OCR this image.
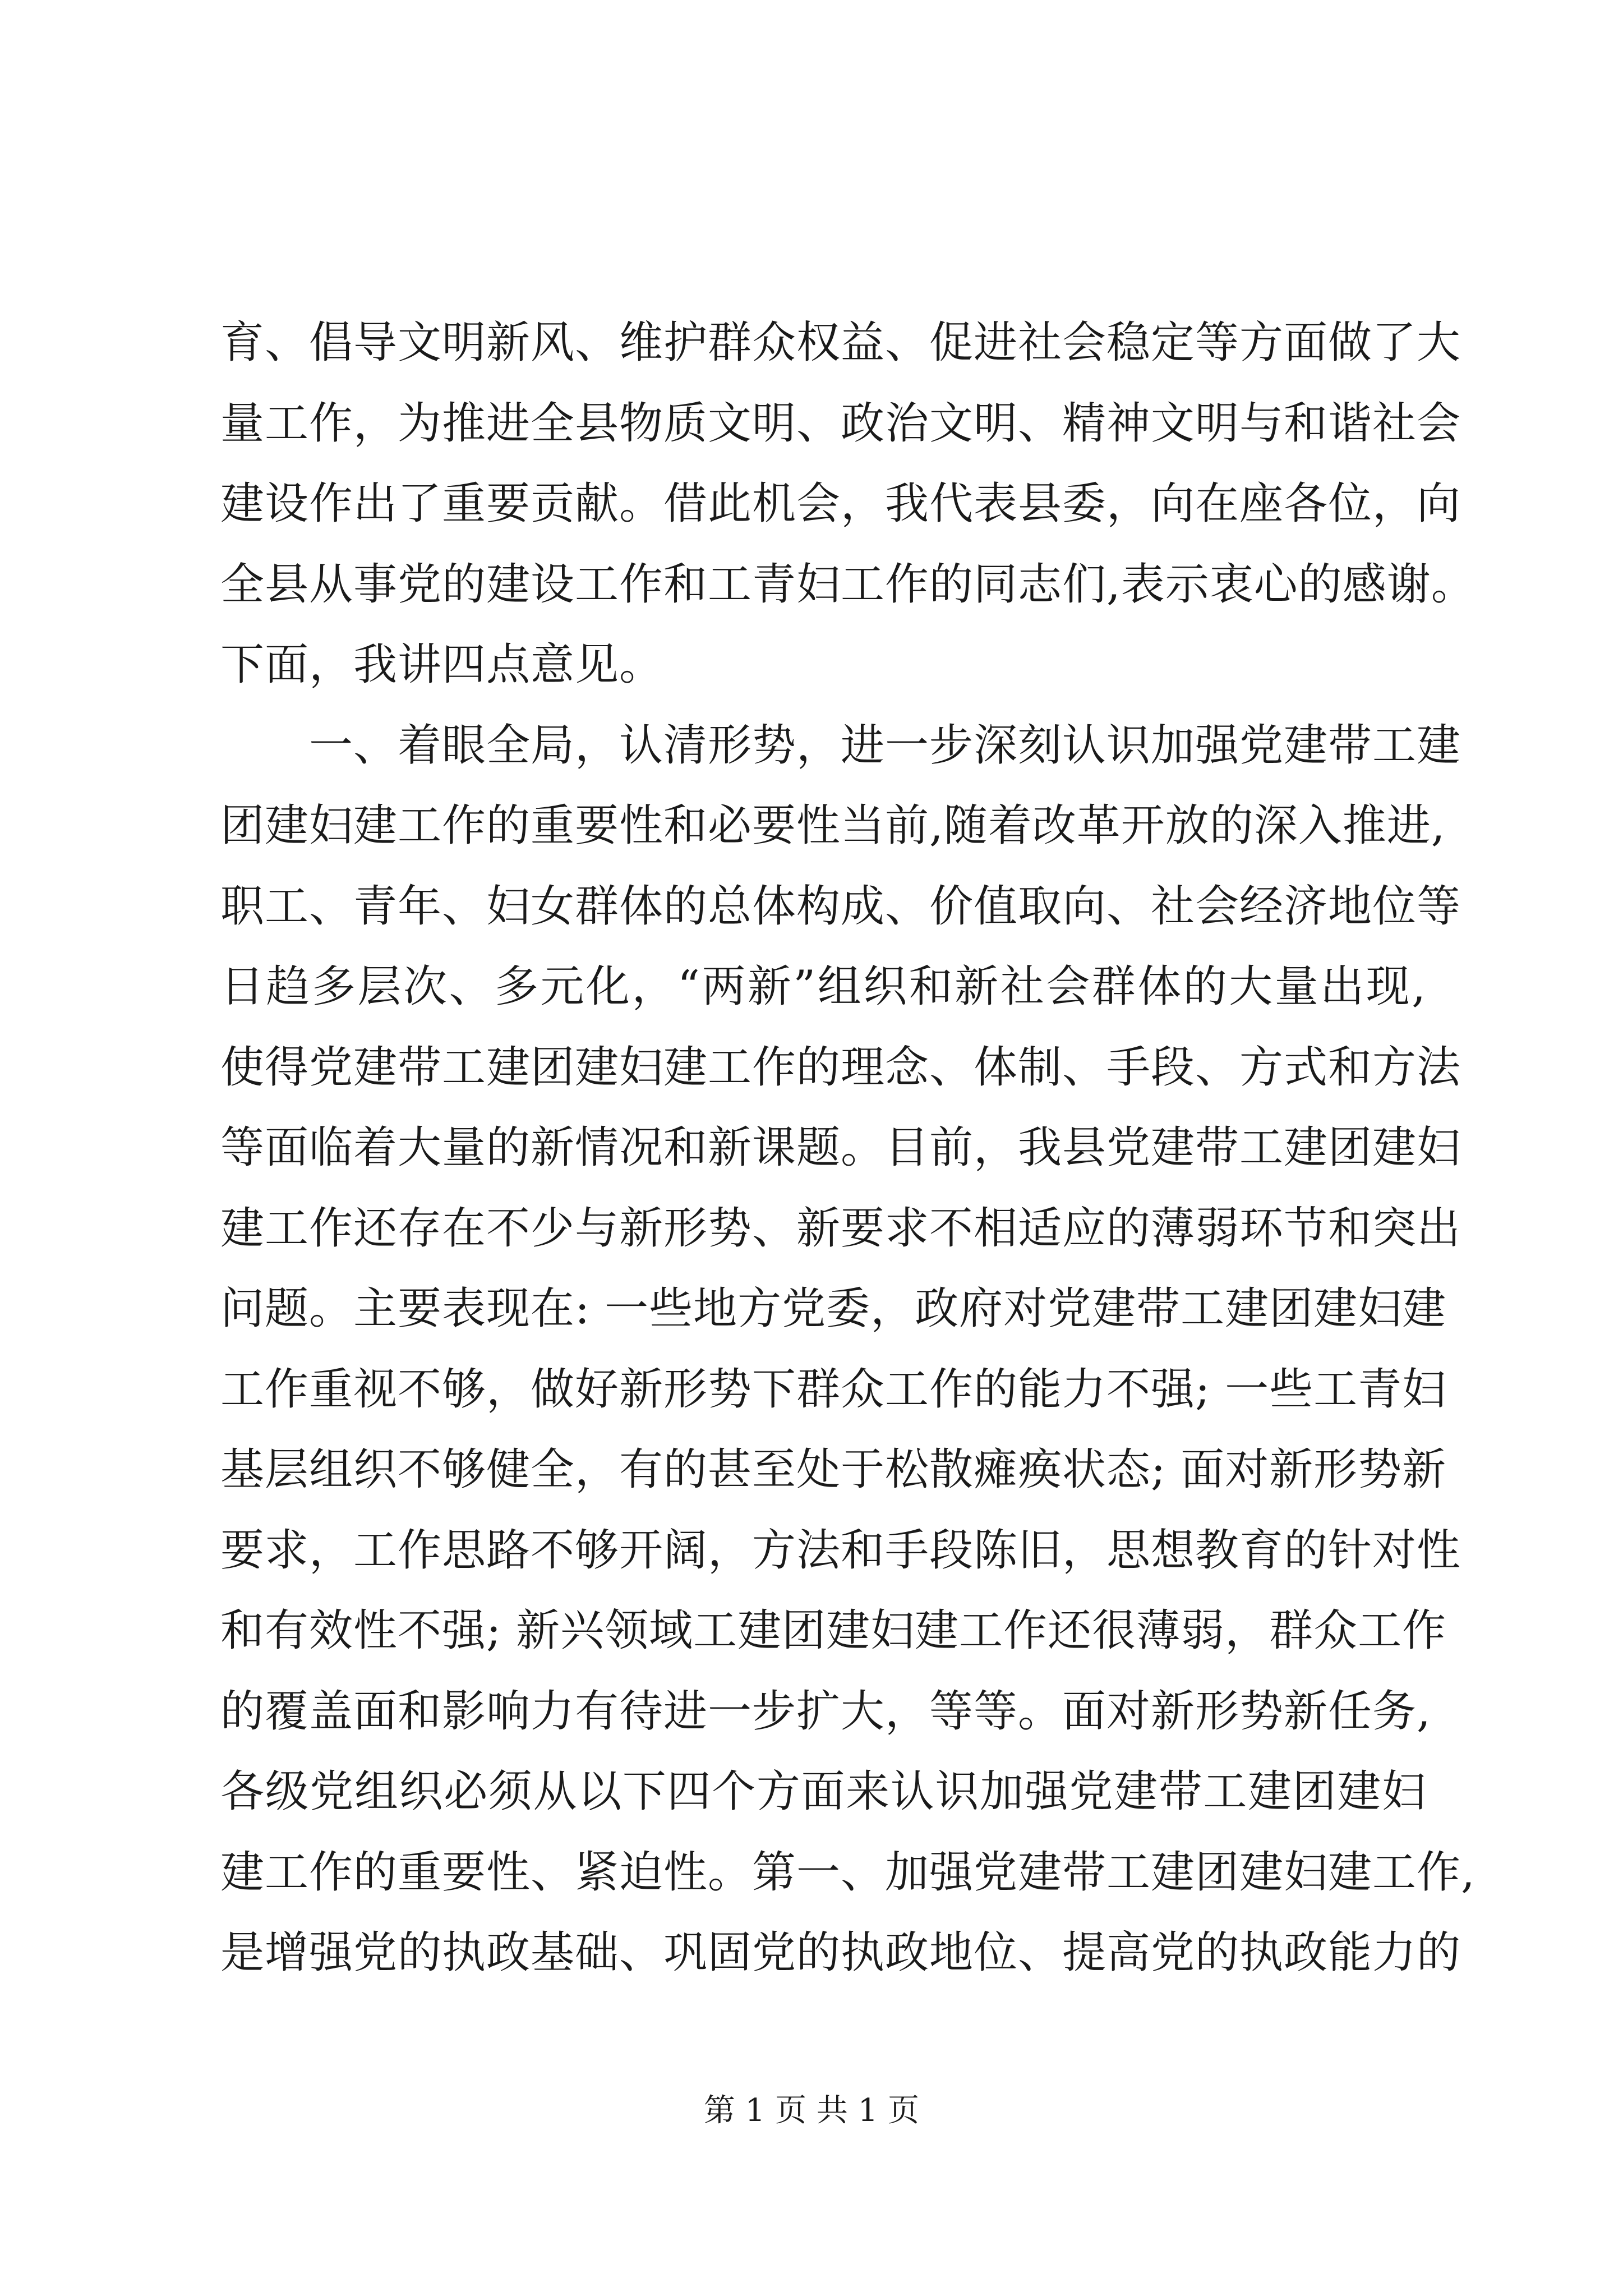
育、倡导文明新风、维护群众权益、促进社会稳定等方面做了大
量工作，为推进全县物质文明、政治文明、精神文明与和谐社会
建设作出了重要贡献。借此机会，我代表县委，向在座各位，向
全县从事党的建设工作和工青妇工作的同志们,表示衷心的感谢。
下面，我讲四点意见。
　　一、着眼全局，认清形势，进一步深刻认识加强党建带工建
团建妇建工作的重要性和必要性当前,随着改革开放的深入推进,
职工、青年、妇女群体的总体构成、价值取向、社会经济地位等
日趋多层次、多元化，“两新”组织和新社会群体的大量出现,
使得党建带工建团建妇建工作的理念、体制、手段、方式和方法
等面临着大量的新情况和新课题。目前，我县党建带工建团建妇
建工作还存在不少与新形势、新要求不相适应的薄弱环节和突出
问题。主要表现在: 一些地方党委，政府对党建带工建团建妇建
工作重视不够，做好新形势下群众工作的能力不强; 一些工青妇
基层组织不够健全，有的甚至处于松散瘫痪状态; 面对新形势新
要求，工作思路不够开阔，方法和手段陈旧，思想教育的针对性
和有效性不强; 新兴领域工建团建妇建工作还很薄弱，群众工作
的覆盖面和影响力有待进一步扩大，等等。面对新形势新任务,
各级党组织必须从以下四个方面来认识加强党建带工建团建妇
建工作的重要性、紧迫性。第一、加强党建带工建团建妇建工作,
是增强党的执政基础、巩固党的执政地位、提高党的执政能力的
第 1 页 共 1 页
